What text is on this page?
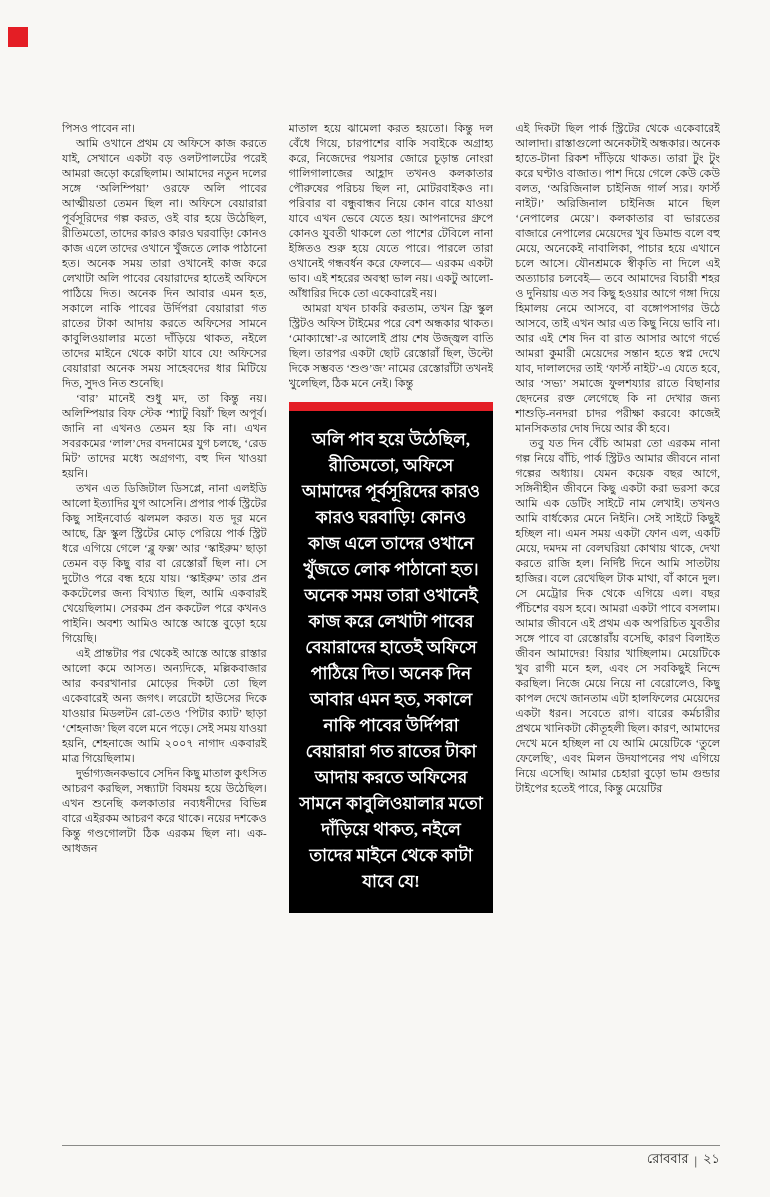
পিসও পাবেন না।

আমি ওখানে প্রথম যে অফিসে কাজ করতে যাই, সেখানে একটা বড় ওলটপালটের পরেই আমরা জড়ো করেছিলাম। আমাদের নতুন দলের সঙ্গে ‘অলিম্পিয়া’ ওরফে অলি পাবের আত্মীয়তা তেমন ছিল না। অফিসে বেয়ারারা পূর্বসূরিদের গল্প করত, ওই বার হয়ে উঠেছিল, রীতিমতো, তাদের কারও কারও ঘরবাড়ি! কোনও কাজ এলে তাদের ওখানে খুঁজতে লোক পাঠানো হত। অনেক সময় তারা ওখানেই কাজ করে লেখাটা অলি পাবের বেয়ারাদের হাতেই অফিসে পাঠিয়ে দিত। অনেক দিন আবার এমন হত, সকালে নাকি পাবের উর্দিপরা বেয়ারারা গত রাতের টাকা আদায় করতে অফিসের সামনে কাবুলিওয়ালার মতো দাঁড়িয়ে থাকত, নইলে তাদের মাইনে থেকে কাটা যাবে যে! অফিসের বেয়ারারা অনেক সময় সাহেবদের ধার মিটিয়ে দিত, সুদও নিত শুনেছি।

‘বার’ মানেই শুধু মদ, তা কিন্তু নয়। অলিম্পিয়ার বিফ স্টেক ‘শ্যাটু বিয়াঁ’ ছিল অপূর্ব। জানি না এখনও তেমন হয় কি না। এখন সবরকমের ‘লাল’দের বদনামের যুগ চলছে, ‘রেড মিট’ তাদের মধ্যে অগ্রগণ্য, বহু দিন খাওয়া হয়নি।

তখন এত ডিজিটাল ডিসপ্লে, নানা এলইডি আলো ইত্যাদির যুগ আসেনি। প্রপার পার্ক স্ট্রিটের কিছু সাইনবোর্ড ঝলমল করত। যত দূর মনে আছে, ফ্রি স্কুল স্ট্রিটের মোড় পেরিয়ে পার্ক স্ট্রিট ধরে এগিয়ে গেলে ‘ব্লু ফক্স’ আর ‘স্কাইরুম’ ছাড়া তেমন বড় কিছু বার বা রেস্তোরাঁ ছিল না। সে দুটোও পরে বন্ধ হয়ে যায়। ‘স্কাইরুম’ তার প্রন ককটেলের জন্য বিখ্যাত ছিল, আমি একবারই খেয়েছিলাম। সেরকম প্রন ককটেল পরে কখনও পাইনি। অবশ্য আমিও আস্তে আস্তে বুড়ো হয়ে গিয়েছি।

এই প্রান্তটার পর থেকেই আস্তে আস্তে রাস্তার আলো কমে আসত। অন্যদিকে, মল্লিকবাজার আর কবরখানার মোড়ের দিকটা তো ছিল একেবারেই অন্য জগৎ। লরেটো হাউসের দিকে যাওয়ার মিডলটন রো-তেও ‘পিটার ক্যাট’ ছাড়া ‘শেহনাজ’ ছিল বলে মনে পড়ে। সেই সময় যাওয়া হয়নি, শেহনাজে আমি ২০০৭ নাগাদ একবারই মাত্র গিয়েছিলাম।

দুর্ভাগ্যজনকভাবে সেদিন কিছু মাতাল কুৎসিত আচরণ করছিল, সন্ধ্যাটা বিষময় হয়ে উঠেছিল। এখন শুনেছি কলকাতার নব্যধনীদের বিভিন্ন বারে এইরকম আচরণ করে থাকে। নয়ের দশকেও কিন্তু গণ্ডগোলটা ঠিক এরকম ছিল না। এক-আধজন

মাতাল হয়ে ঝামেলা করত হয়তো। কিন্তু দল বেঁধে গিয়ে, চারপাশের বাকি সবাইকে অগ্রাহ্য করে, নিজেদের পয়সার জোরে চূড়ান্ত নোংরা গালিগালাজের আহ্লাদ তখনও কলকাতার পৌরুষের পরিচয় ছিল না, মোটরবাইকও না। পরিবার বা বন্ধুবান্ধব নিয়ে কোন বারে যাওয়া যাবে এখন ভেবে যেতে হয়। আপনাদের গ্রুপে কোনও যুবতী থাকলে তো পাশের টেবিলে নানা ইঙ্গিতও শুরু হয়ে যেতে পারে। পারলে তারা ওখানেই গন্ধবর্ধন করে ফেলবে— এরকম একটা ভাব। এই শহরের অবস্থা ভাল নয়। একটু আলো-আঁধারির দিকে তো একেবারেই নয়।

আমরা যখন চাকরি করতাম, তখন ফ্রি স্কুল স্ট্রিটও অফিস টাইমের পরে বেশ অন্ধকার থাকত। ‘মোক্যাম্বো’-র আলোই প্রায় শেষ উজ্জ্বল বাতি ছিল। তারপর একটা ছোট রেস্তোরাঁ ছিল, উল্টো দিকে সম্ভবত ‘শুণ্ড’জ’ নামের রেস্তোরাঁটা তখনই খুলেছিল, ঠিক মনে নেই। কিন্তু

অলি পাব হয়ে উঠেছিল, রীতিমতো, অফিসে আমাদের পূর্বসূরিদের কারও কারও ঘরবাড়ি! কোনও কাজ এলে তাদের ওখানে খুঁজতে লোক পাঠানো হত। অনেক সময় তারা ওখানেই কাজ করে লেখাটা পাবের বেয়ারাদের হাতেই অফিসে পাঠিয়ে দিত। অনেক দিন আবার এমন হত, সকালে নাকি পাবের উর্দিপরা বেয়ারারা গত রাতের টাকা আদায় করতে অফিসের সামনে কাবুলিওয়ালার মতো দাঁড়িয়ে থাকত, নইলে তাদের মাইনে থেকে কাটা যাবে যে!

এই দিকটা ছিল পার্ক স্ট্রিটের থেকে একেবারেই আলাদা। রাস্তাগুলো অনেকটাই অন্ধকার। অনেক হাতে-টানা রিকশ দাঁড়িয়ে থাকত। তারা টুং টুং করে ঘণ্টাও বাজাত। পাশ দিয়ে গেলে কেউ কেউ বলত, ‘অরিজিনাল চাইনিজ গার্ল স্যর। ফার্স্ট নাইট।’ অরিজিনাল চাইনিজ মানে ছিল ‘নেপালের মেয়ে’। কলকাতার বা ভারতের বাজারে নেপালের মেয়েদের খুব ডিমান্ড বলে বহু মেয়ে, অনেকেই নাবালিকা, পাচার হয়ে এখানে চলে আসে। যৌনশ্রমকে স্বীকৃতি না দিলে এই অত্যাচার চলবেই— তবে আমাদের বিচারী শহর ও দুনিয়ায় এত সব কিছু হওয়ার আগে গঙ্গা দিয়ে হিমালয় নেমে আসবে, বা বঙ্গোপসাগর উঠে আসবে, তাই এখন আর এত কিছু নিয়ে ভাবি না। আর এই শেষ দিন বা রাত আসার আগে গর্ভে আমরা কুমারী মেয়েদের সন্তান হতে স্বপ্ন দেখে যাব, দালালদের তাই ‘ফার্স্ট নাইট’-এ যেতে হবে, আর ‘সভ্য’ সমাজে ফুলশয্যার রাতে বিছানার ছেদনের রক্ত লেগেছে কি না দেখার জন্য শাশুড়ি-ননদরা চাদর পরীক্ষা করবে! কাজেই মানসিকতার দোষ দিয়ে আর কী হবে।

তবু যত দিন বেঁচি আমরা তো এরকম নানা গল্প নিয়ে বাঁচি, পার্ক স্ট্রিটও আমার জীবনে নানা গল্পের অধ্যায়। যেমন কয়েক বছর আগে, সঙ্গিনীহীন জীবনে কিছু একটা করা ভরসা করে আমি এক ডেটিং সাইটে নাম লেখাই। তখনও আমি বার্ধক্যের মেনে নিইনি। সেই সাইটে কিছুই হচ্ছিল না। এমন সময় একটা ফোন এল, একটি মেয়ে, দমদম না বেলঘরিয়া কোথায় থাকে, দেখা করতে রাজি হল। নির্দিষ্ট দিনে আমি সাতটায় হাজির। বলে রেখেছিল টাক মাথা, বাঁ কানে দুল। সে মেট্রোর দিক থেকে এগিয়ে এল। বছর পঁচিশের বয়স হবে। আমরা একটা পাবে বসলাম। আমার জীবনে এই প্রথম এক অপরিচিত যুবতীর সঙ্গে পাবে বা রেস্তোরাঁয় বসেছি, কারণ বিলাইত জীবন আমাদের! বিয়ার খাচ্ছিলাম। মেয়েটিকে খুব রাগী মনে হল, এবং সে সবকিছুই নিন্দে করছিল। নিজে মেয়ে নিয়ে না বেরোলেও, কিছু কাপল দেখে জানতাম এটা হালফিলের মেয়েদের একটা ধরন। সবেতে রাগ। বারের কর্মচারীর প্রথমে খানিকটা কৌতূহলী ছিল। কারণ, আমাদের দেখে মনে হচ্ছিল না যে আমি মেয়েটিকে ‘তুলে ফেলেছি’, এবং মিলন উদযাপনের পথ এগিয়ে নিয়ে এসেছি। আমার চেহারা বুড়ো ভাম গুন্ডার টাইপের হতেই পারে, কিন্তু মেয়েটির

রোববার | ২১
